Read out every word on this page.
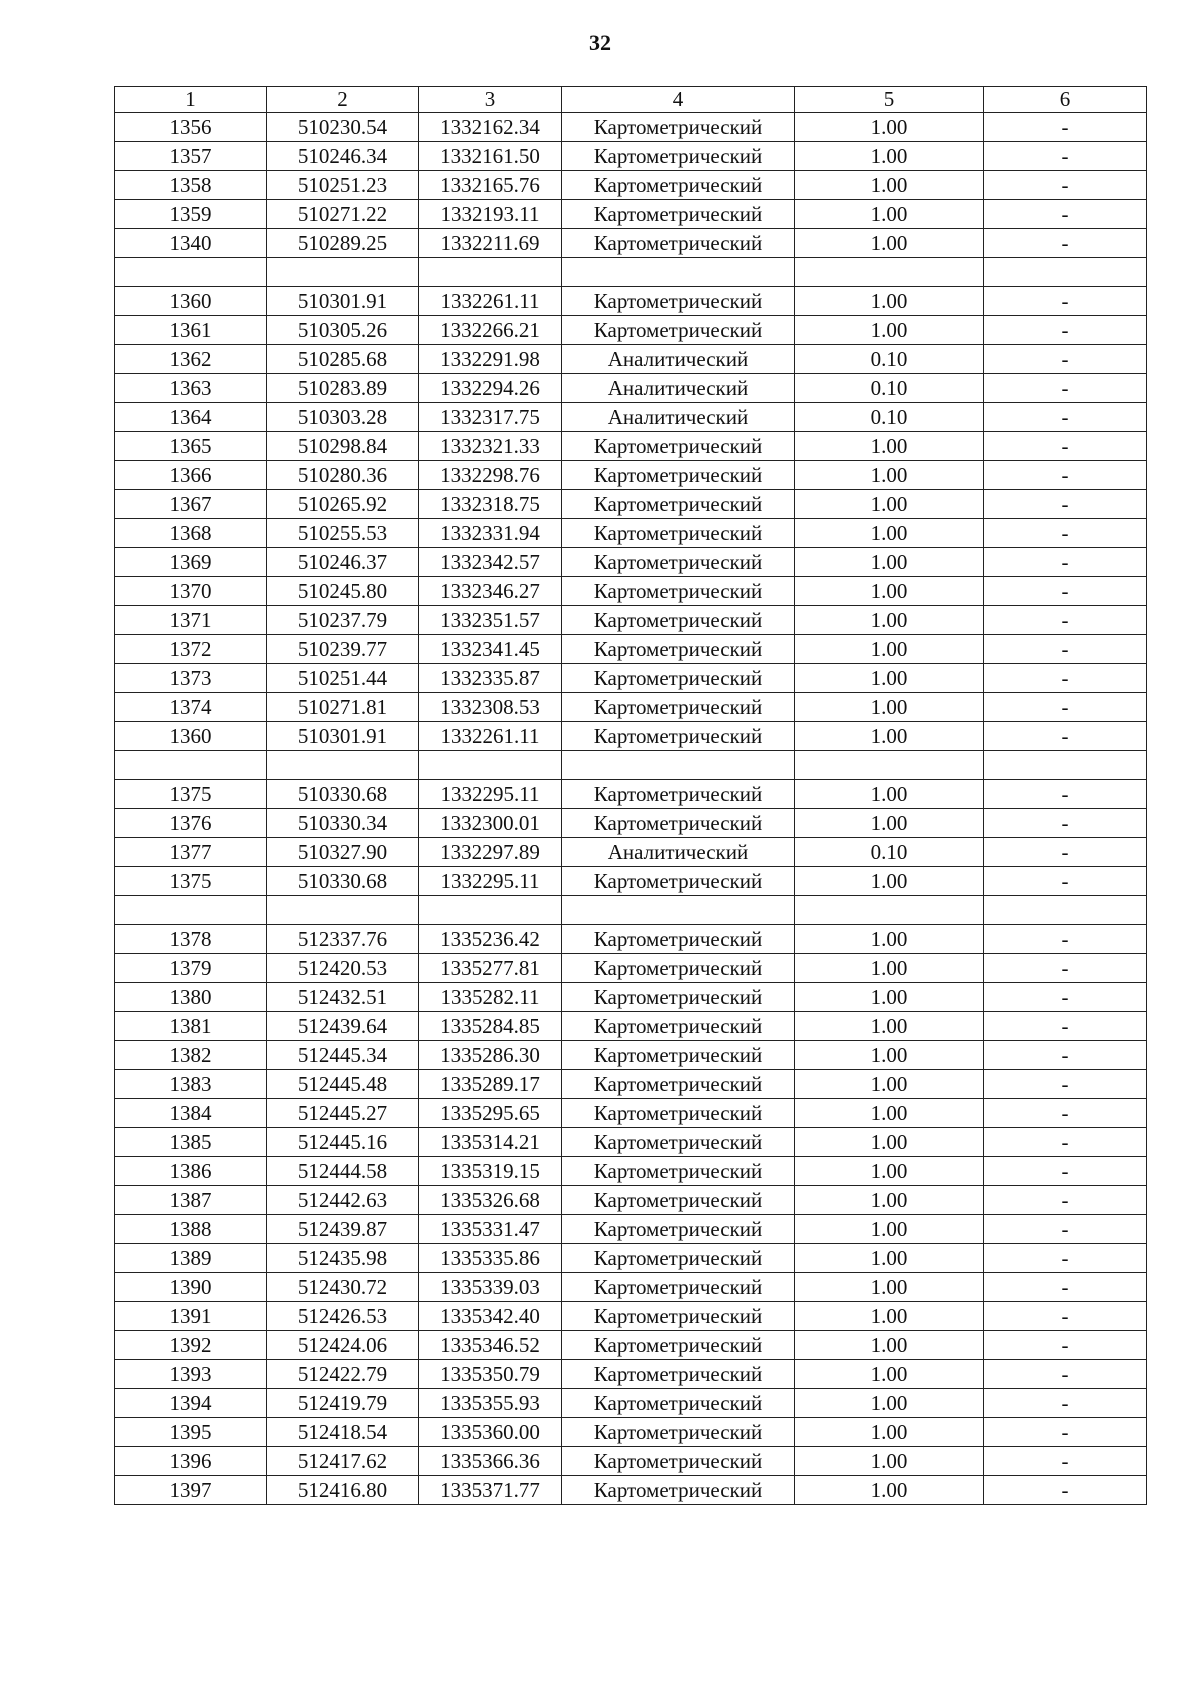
32
1	2	3	4	5	6
1356	510230.54	1332162.34	Картометрический	1.00	-
1357	510246.34	1332161.50	Картометрический	1.00	-
1358	510251.23	1332165.76	Картометрический	1.00	-
1359	510271.22	1332193.11	Картометрический	1.00	-
1340	510289.25	1332211.69	Картометрический	1.00	-

1360	510301.91	1332261.11	Картометрический	1.00	-
1361	510305.26	1332266.21	Картометрический	1.00	-
1362	510285.68	1332291.98	Аналитический	0.10	-
1363	510283.89	1332294.26	Аналитический	0.10	-
1364	510303.28	1332317.75	Аналитический	0.10	-
1365	510298.84	1332321.33	Картометрический	1.00	-
1366	510280.36	1332298.76	Картометрический	1.00	-
1367	510265.92	1332318.75	Картометрический	1.00	-
1368	510255.53	1332331.94	Картометрический	1.00	-
1369	510246.37	1332342.57	Картометрический	1.00	-
1370	510245.80	1332346.27	Картометрический	1.00	-
1371	510237.79	1332351.57	Картометрический	1.00	-
1372	510239.77	1332341.45	Картометрический	1.00	-
1373	510251.44	1332335.87	Картометрический	1.00	-
1374	510271.81	1332308.53	Картометрический	1.00	-
1360	510301.91	1332261.11	Картометрический	1.00	-

1375	510330.68	1332295.11	Картометрический	1.00	-
1376	510330.34	1332300.01	Картометрический	1.00	-
1377	510327.90	1332297.89	Аналитический	0.10	-
1375	510330.68	1332295.11	Картометрический	1.00	-

1378	512337.76	1335236.42	Картометрический	1.00	-
1379	512420.53	1335277.81	Картометрический	1.00	-
1380	512432.51	1335282.11	Картометрический	1.00	-
1381	512439.64	1335284.85	Картометрический	1.00	-
1382	512445.34	1335286.30	Картометрический	1.00	-
1383	512445.48	1335289.17	Картометрический	1.00	-
1384	512445.27	1335295.65	Картометрический	1.00	-
1385	512445.16	1335314.21	Картометрический	1.00	-
1386	512444.58	1335319.15	Картометрический	1.00	-
1387	512442.63	1335326.68	Картометрический	1.00	-
1388	512439.87	1335331.47	Картометрический	1.00	-
1389	512435.98	1335335.86	Картометрический	1.00	-
1390	512430.72	1335339.03	Картометрический	1.00	-
1391	512426.53	1335342.40	Картометрический	1.00	-
1392	512424.06	1335346.52	Картометрический	1.00	-
1393	512422.79	1335350.79	Картометрический	1.00	-
1394	512419.79	1335355.93	Картометрический	1.00	-
1395	512418.54	1335360.00	Картометрический	1.00	-
1396	512417.62	1335366.36	Картометрический	1.00	-
1397	512416.80	1335371.77	Картометрический	1.00	-
